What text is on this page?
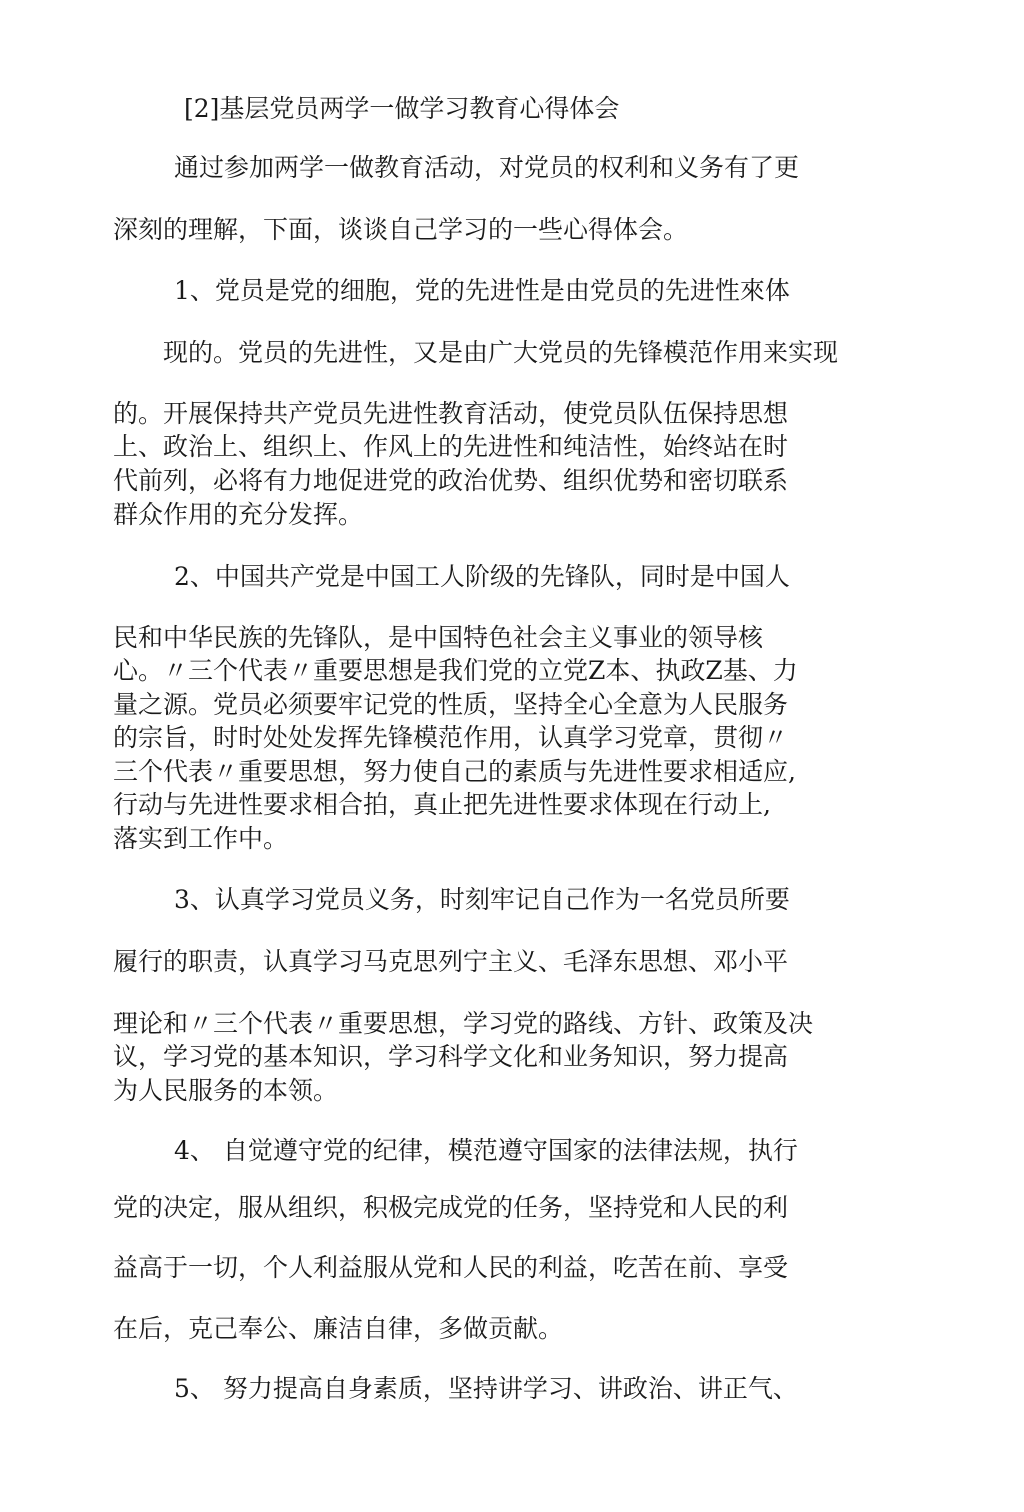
[2]基层党员两学一做学习教育心得体会
通过参加两学一做教育活动，对党员的权利和义务有了更
深刻的理解，下面，谈谈自己学习的一些心得体会。
1、党员是党的细胞，党的先进性是由党员的先进性來体
现的。党员的先进性，又是由广大党员的先锋模范作用来实现
的。开展保持共产党员先进性教育活动，使党员队伍保持思想
上、政治上、组织上、作风上的先进性和纯洁性，始终站在时
代前列，必将有力地促进党的政治优势、组织优势和密切联系
群众作用的充分发挥。
2、中国共产党是中国工人阶级的先锋队，同时是中国人
民和中华民族的先锋队，是中国特色社会主义事业的领导核
心。〃三个代表〃重要思想是我们党的立党Z本、执政Z基、力
量之源。党员必须要牢记党的性质，坚持全心全意为人民服务
的宗旨，时时处处发挥先锋模范作用，认真学习党章，贯彻〃
三个代表〃重要思想，努力使自己的素质与先进性要求相适应,
行动与先进性要求相合拍，真止把先进性要求体现在行动上,
落实到工作中。
3、认真学习党员义务，时刻牢记自己作为一名党员所要
履行的职责，认真学习马克思列宁主义、毛泽东思想、邓小平
理论和〃三个代表〃重要思想，学习党的路线、方针、政策及决
议，学习党的基本知识，学习科学文化和业务知识，努力提高
为人民服务的本领。
4、 自觉遵守党的纪律，模范遵守国家的法律法规，执行
党的决定，服从组织，积极完成党的任务，坚持党和人民的利
益高于一切，个人利益服从党和人民的利益，吃苦在前、享受
在后，克己奉公、廉洁自律，多做贡献。
5、 努力提高自身素质，坚持讲学习、讲政治、讲正气、
